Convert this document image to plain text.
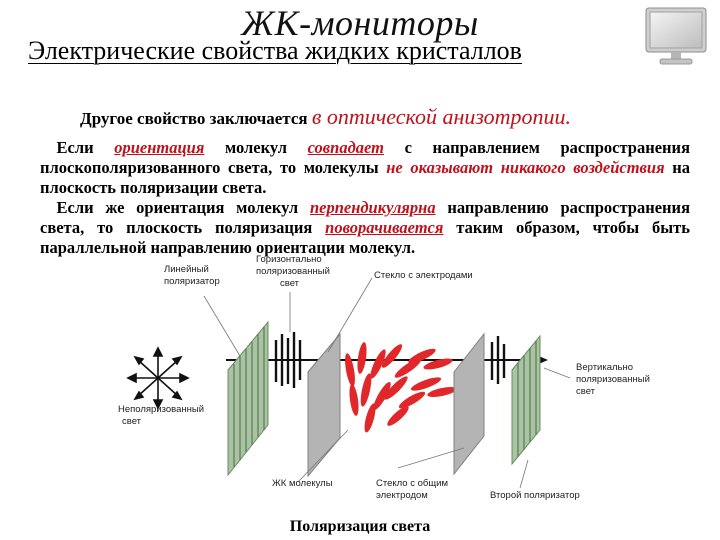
ЖК-мониторы
Электрические свойства жидких кристаллов
Другое свойство заключается в оптической анизотропии.
 Если ориентация молекул совпадает с направлением распространения плоскополяризованного света, то молекулы не оказывают никакого воздействия на плоскость поляризации света.
 Если же ориентация молекул перпендикулярна направлению распространения света, то плоскость поляризация поворачивается таким образом, чтобы быть параллельной направлению ориентации молекул.
Линейный поляризатор
Горизонтально поляризованный свет
Стекло с электродами
Неполяризованный свет
Вертикально поляризованный свет
ЖК молекулы	Стекло с общим электродом	Второй поляризатор
Поляризация света
